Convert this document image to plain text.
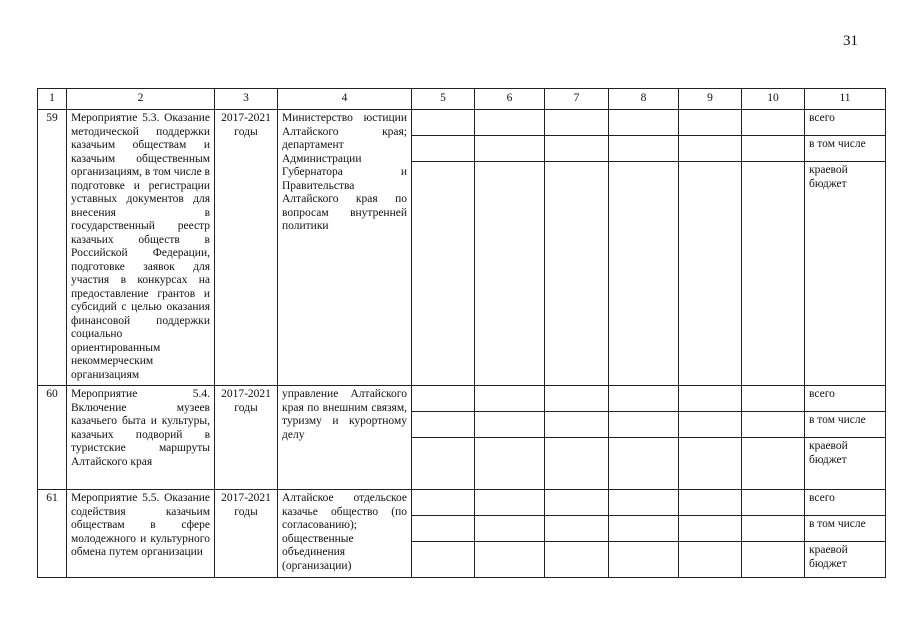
31
1	2	3	4	5	6	7	8	9	10	11
59	Мероприятие 5.3. Оказание методической поддержки казачьим обществам и казачьим общественным организациям, в том числе в подготовке и регистрации уставных документов для внесения в государственный реестр казачьих обществ в Российской Федерации, подготовке заявок для участия в конкурсах на предоставление грантов и субсидий с целью оказания финансовой поддержки социально ориентированным некоммерческим организациям	2017-2021 годы	Министерство юстиции Алтайского края; департамент Администрации Губернатора и Правительства Алтайского края по вопросам внутренней политики							всего
										в том числе
										краевой бюджет
60	Мероприятие 5.4. Включение музеев казачьего быта и культуры, казачьих подворий в туристские маршруты Алтайского края	2017-2021 годы	управление Алтайского края по внешним связям, туризму и курортному делу							всего
										в том числе
										краевой бюджет
61	Мероприятие 5.5. Оказание содействия казачьим обществам в сфере молодежного и культурного обмена путем организации	2017-2021 годы	Алтайское отдельское казачье общество (по согласованию); общественные объединения (организации)							всего
										в том числе
										краевой бюджет
